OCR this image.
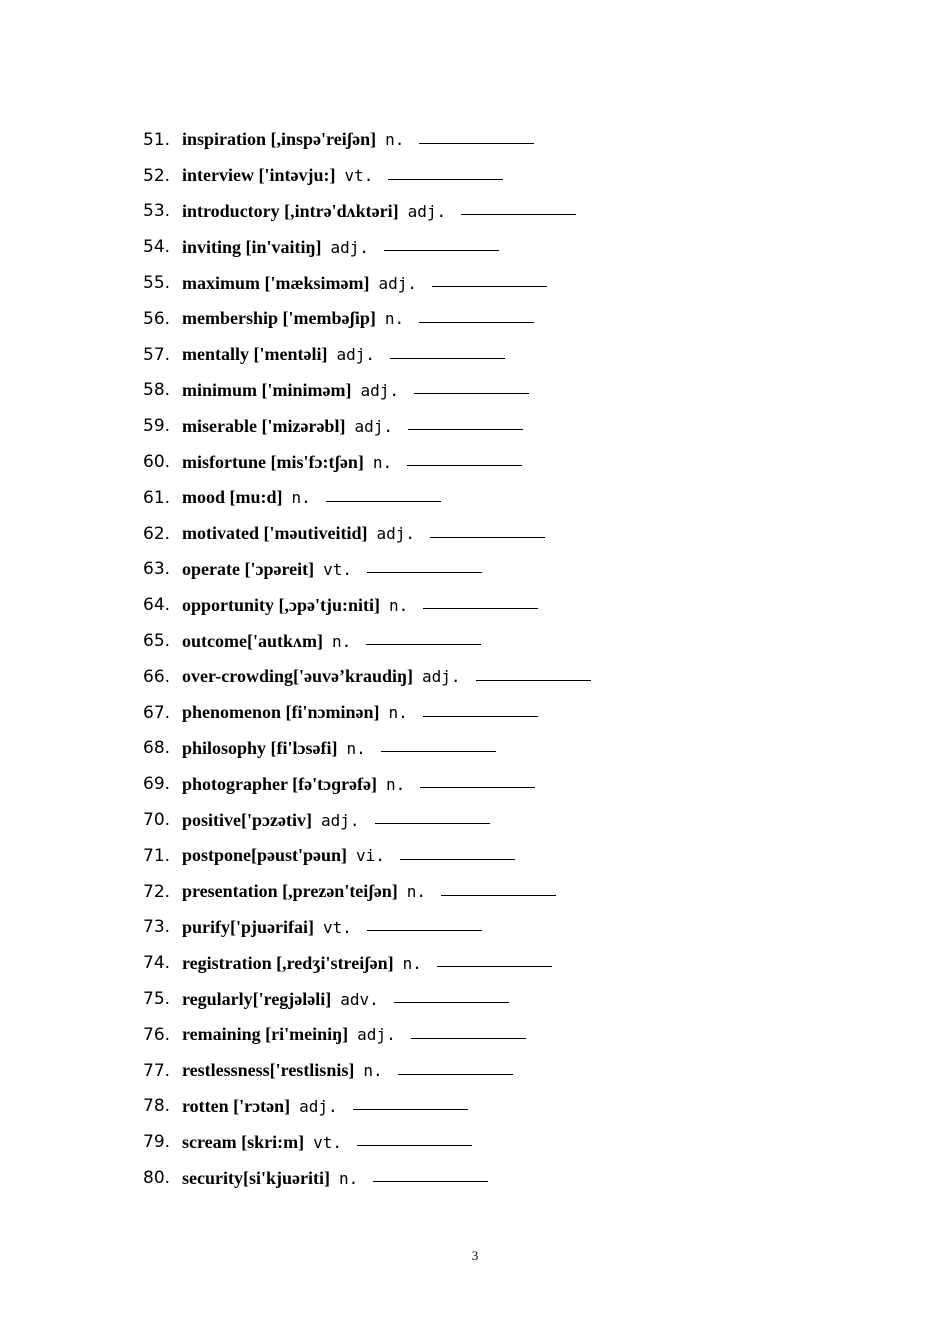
51. inspiration [,inspə'reiʃən] n.
52. interview ['intəvju:] vt.
53. introductory [,intrə'dʌktəri] adj.
54. inviting [in'vaitiŋ] adj.
55. maximum ['mæksiməm] adj.
56. membership ['membəʃip] n.
57. mentally ['mentəli] adj.
58. minimum ['miniməm] adj.
59. miserable ['mizərəbl] adj.
60. misfortune [mis'fɔ:tʃən] n.
61. mood [mu:d] n.
62. motivated ['məutiveitid] adj.
63. operate ['ɔpəreit] vt.
64. opportunity [,ɔpə'tju:niti] n.
65. outcome['autkʌm] n.
66. over-crowding['əuvə’kraudiŋ] adj.
67. phenomenon [fi'nɔminən] n.
68. philosophy [fi'lɔsəfi] n.
69. photographer [fə'tɔɡrəfə] n.
70. positive['pɔzətiv] adj.
71. postpone[pəust'pəun] vi.
72. presentation [,prezən'teiʃən] n.
73. purify['pjuərifai] vt.
74. registration [,redʒi'streiʃən] n.
75. regularly['regjələli] adv.
76. remaining [ri'meiniŋ] adj.
77. restlessness['restlisnis] n.
78. rotten ['rɔtən] adj.
79. scream [skri:m] vt.
80. security[si'kjuəriti] n.
3
